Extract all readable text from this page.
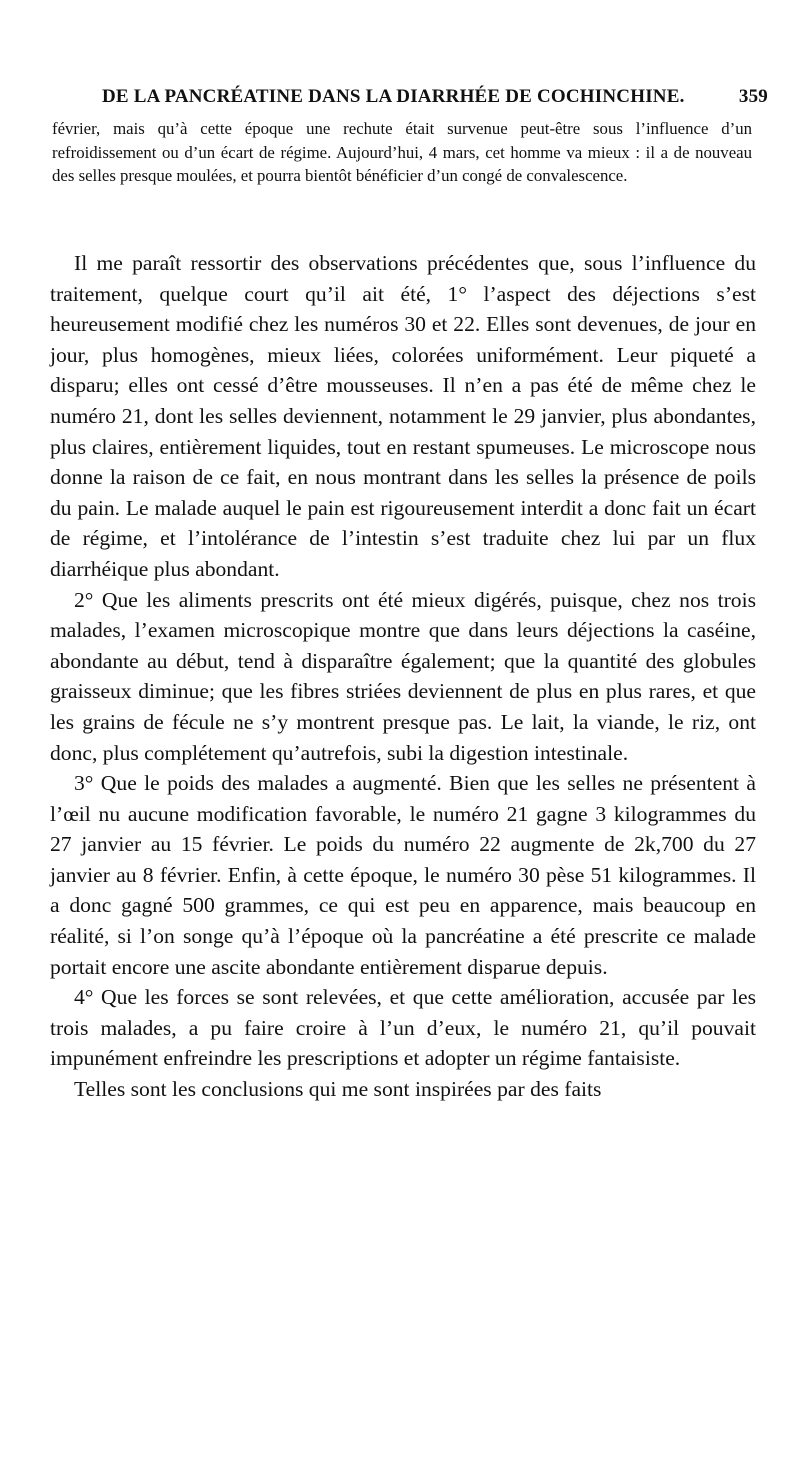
DE LA PANCRÉATINE DANS LA DIARRHÉE DE COCHINCHINE.	359
février, mais qu’à cette époque une rechute était survenue peut-être sous l’influence d’un refroidissement ou d’un écart de régime. Aujourd’hui, 4 mars, cet homme va mieux : il a de nouveau des selles presque moulées, et pourra bientôt bénéficier d’un congé de convalescence.

Il me paraît ressortir des observations précédentes que, sous l’influence du traitement, quelque court qu’il ait été, 1° l’aspect des déjections s’est heureusement modifié chez les numéros 30 et 22. Elles sont devenues, de jour en jour, plus homogènes, mieux liées, colorées uniformément. Leur piqueté a disparu; elles ont cessé d’être mousseuses. Il n’en a pas été de même chez le numéro 21, dont les selles deviennent, notamment le 29 janvier, plus abondantes, plus claires, entièrement liquides, tout en restant spumeuses. Le microscope nous donne la raison de ce fait, en nous montrant dans les selles la présence de poils du pain. Le malade auquel le pain est rigoureusement interdit a donc fait un écart de régime, et l’intolérance de l’intestin s’est traduite chez lui par un flux diarrhéique plus abondant.

2° Que les aliments prescrits ont été mieux digérés, puisque, chez nos trois malades, l’examen microscopique montre que dans leurs déjections la caséine, abondante au début, tend à disparaître également; que la quantité des globules graisseux diminue; que les fibres striées deviennent de plus en plus rares, et que les grains de fécule ne s’y montrent presque pas. Le lait, la viande, le riz, ont donc, plus complétement qu’autrefois, subi la digestion intestinale.

3° Que le poids des malades a augmenté. Bien que les selles ne présentent à l’œil nu aucune modification favorable, le numéro 21 gagne 3 kilogrammes du 27 janvier au 15 février. Le poids du numéro 22 augmente de 2k,700 du 27 janvier au 8 février. Enfin, à cette époque, le numéro 30 pèse 51 kilogrammes. Il a donc gagné 500 grammes, ce qui est peu en apparence, mais beaucoup en réalité, si l’on songe qu’à l’époque où la pancréatine a été prescrite ce malade portait encore une ascite abondante entièrement disparue depuis.

4° Que les forces se sont relevées, et que cette amélioration, accusée par les trois malades, a pu faire croire à l’un d’eux, le numéro 21, qu’il pouvait impunément enfreindre les prescriptions et adopter un régime fantaisiste.

Telles sont les conclusions qui me sont inspirées par des faits
